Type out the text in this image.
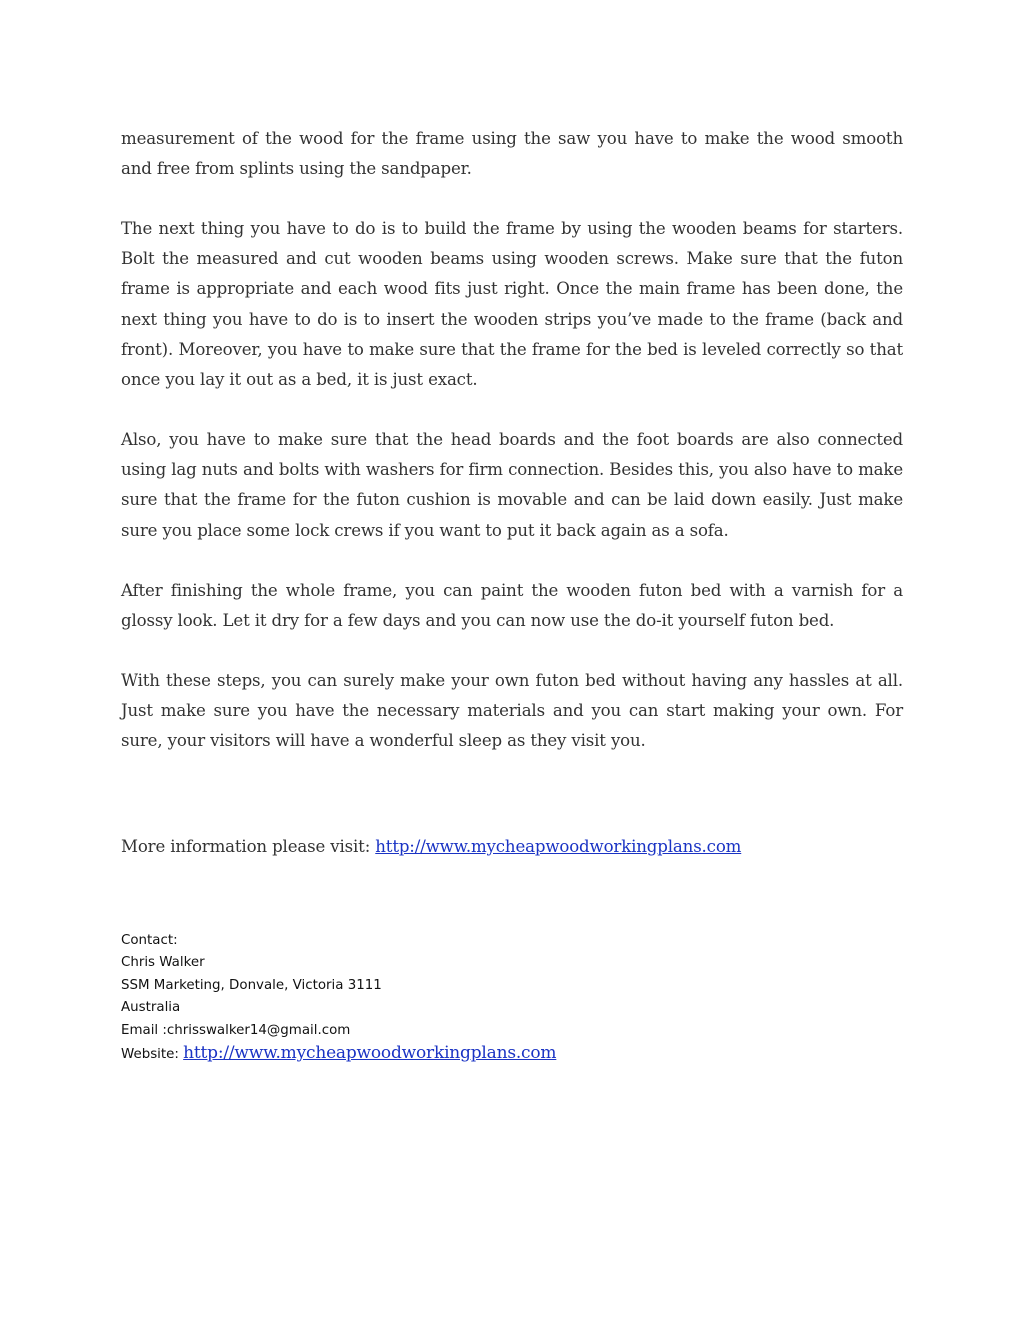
measurement of the wood for the frame using the saw you have to make the wood smooth and free from splints using the sandpaper.

The next thing you have to do is to build the frame by using the wooden beams for starters. Bolt the measured and cut wooden beams using wooden screws. Make sure that the futon frame is appropriate and each wood fits just right. Once the main frame has been done, the next thing you have to do is to insert the wooden strips you’ve made to the frame (back and front). Moreover, you have to make sure that the frame for the bed is leveled correctly so that once you lay it out as a bed, it is just exact.

Also, you have to make sure that the head boards and the foot boards are also connected using lag nuts and bolts with washers for firm connection. Besides this, you also have to make sure that the frame for the futon cushion is movable and can be laid down easily. Just make sure you place some lock crews if you want to put it back again as a sofa.

After finishing the whole frame, you can paint the wooden futon bed with a varnish for a glossy look. Let it dry for a few days and you can now use the do-it yourself futon bed.

With these steps, you can surely make your own futon bed without having any hassles at all. Just make sure you have the necessary materials and you can start making your own. For sure, your visitors will have a wonderful sleep as they visit you.

More information please visit: http://www.mycheapwoodworkingplans.com

Contact:
Chris Walker
SSM Marketing, Donvale, Victoria 3111
Australia
Email :chrisswalker14@gmail.com
Website: http://www.mycheapwoodworkingplans.com
